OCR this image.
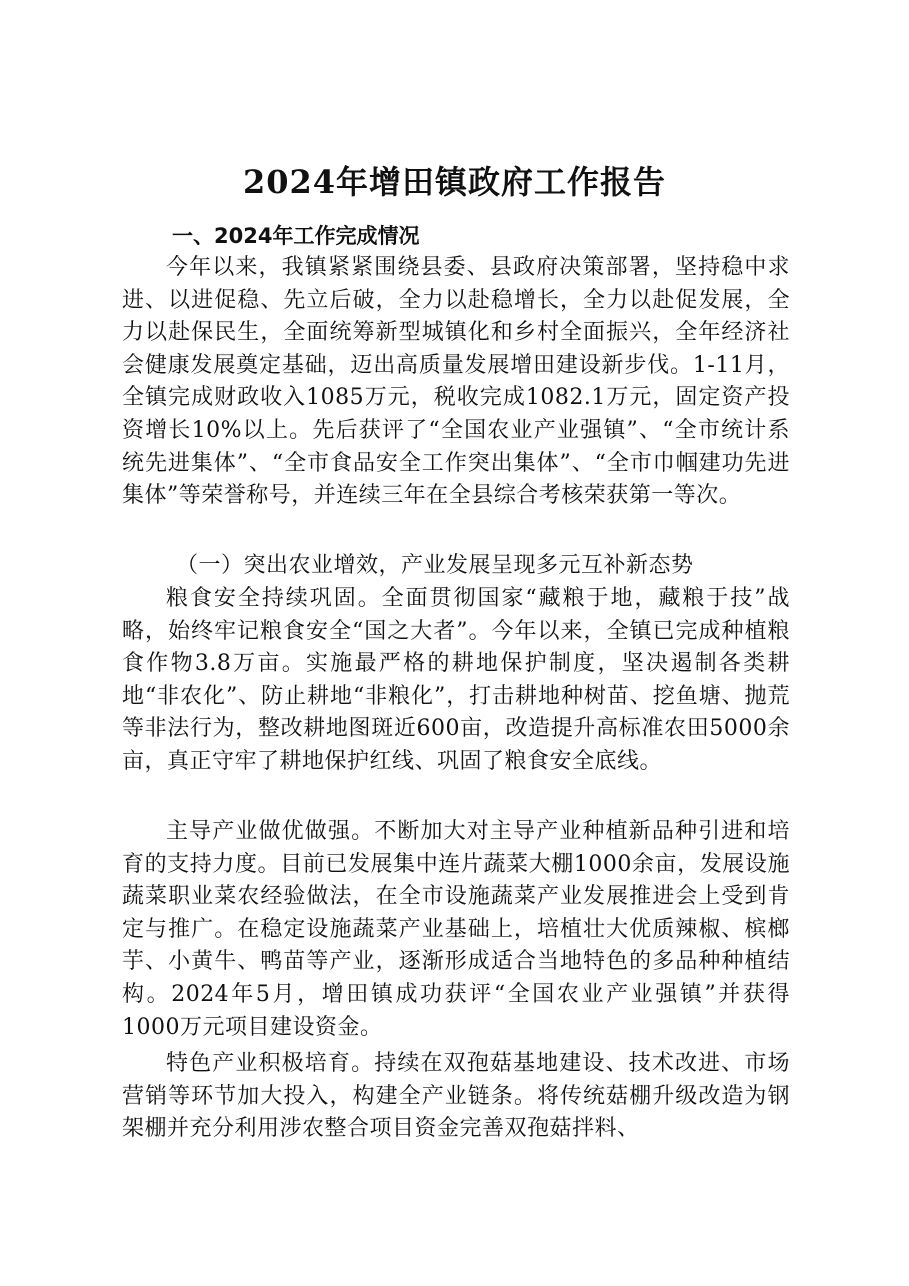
2024年增田镇政府工作报告
一、2024年工作完成情况
今年以来，我镇紧紧围绕县委、县政府决策部署，坚持稳中求进、以进促稳、先立后破，全力以赴稳增长，全力以赴促发展，全力以赴保民生，全面统筹新型城镇化和乡村全面振兴，全年经济社会健康发展奠定基础，迈出高质量发展增田建设新步伐。1-11月，全镇完成财政收入1085万元，税收完成1082.1万元，固定资产投资增长10%以上。先后获评了“全国农业产业强镇”、“全市统计系统先进集体”、“全市食品安全工作突出集体”、“全市巾帼建功先进集体”等荣誉称号，并连续三年在全县综合考核荣获第一等次。
（一）突出农业增效，产业发展呈现多元互补新态势
粮食安全持续巩固。全面贯彻国家“藏粮于地，藏粮于技”战略，始终牢记粮食安全“国之大者”。今年以来，全镇已完成种植粮食作物3.8万亩。实施最严格的耕地保护制度，坚决遏制各类耕地“非农化”、防止耕地“非粮化”，打击耕地种树苗、挖鱼塘、抛荒等非法行为，整改耕地图斑近600亩，改造提升高标准农田5000余亩，真正守牢了耕地保护红线、巩固了粮食安全底线。
主导产业做优做强。不断加大对主导产业种植新品种引进和培育的支持力度。目前已发展集中连片蔬菜大棚1000余亩，发展设施蔬菜职业菜农经验做法，在全市设施蔬菜产业发展推进会上受到肯定与推广。在稳定设施蔬菜产业基础上，培植壮大优质辣椒、槟榔芋、小黄牛、鸭苗等产业，逐渐形成适合当地特色的多品种种植结构。2024年5月，增田镇成功获评“全国农业产业强镇”并获得1000万元项目建设资金。
特色产业积极培育。持续在双孢菇基地建设、技术改进、市场营销等环节加大投入，构建全产业链条。将传统菇棚升级改造为钢架棚并充分利用涉农整合项目资金完善双孢菇拌料、
